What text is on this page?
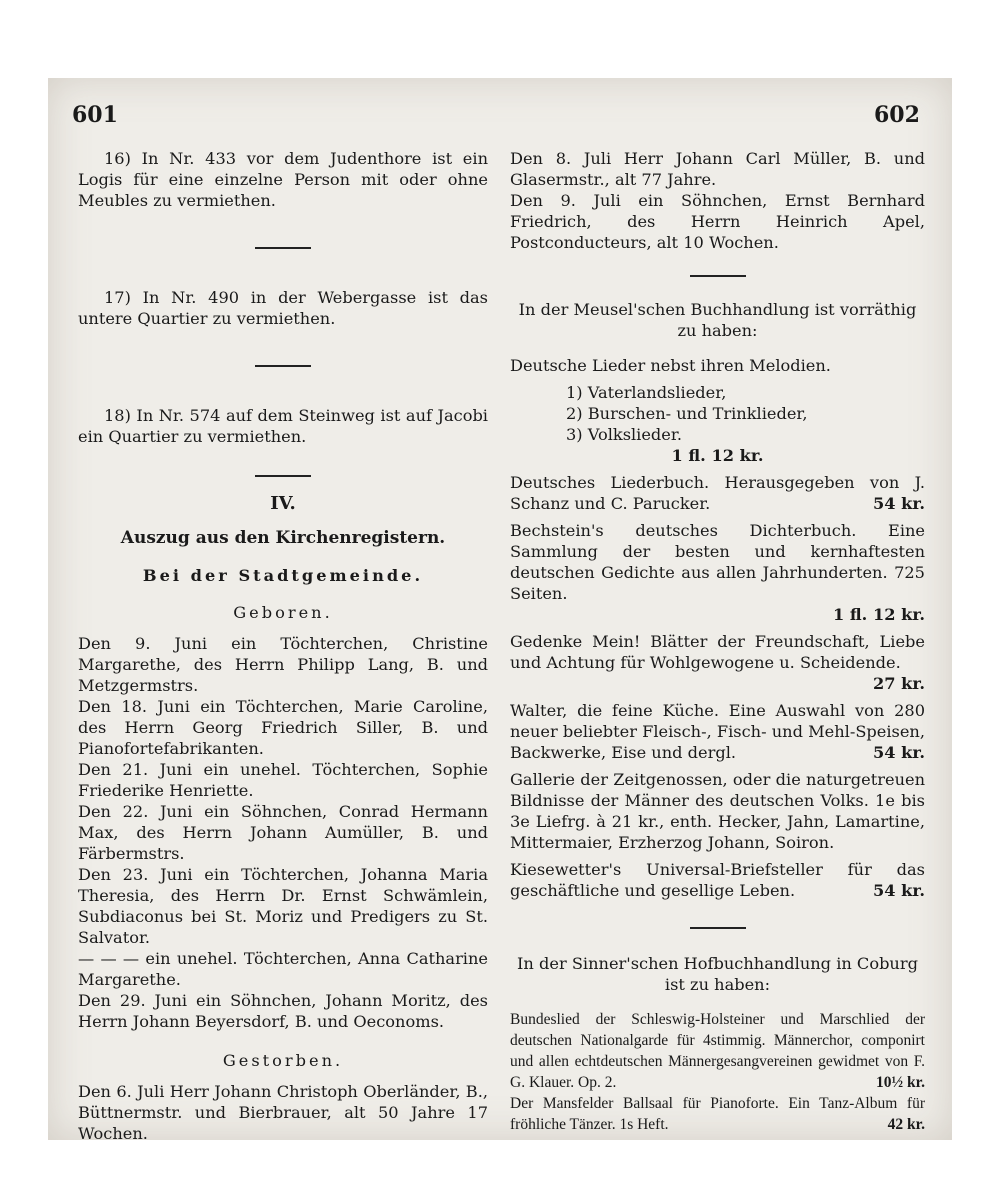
601	602

16) In Nr. 433 vor dem Judenthore ist ein Logis für eine einzelne Person mit oder ohne Meubles zu vermiethen.

17) In Nr. 490 in der Webergasse ist das untere Quartier zu vermiethen.

18) In Nr. 574 auf dem Steinweg ist auf Jacobi ein Quartier zu vermiethen.

IV.

Auszug aus den Kirchenregistern.

Bei der Stadtgemeinde.

Geboren.

Den 9. Juni ein Töchterchen, Christine Margarethe, des Herrn Philipp Lang, B. und Metzgermstrs.

Den 18. Juni ein Töchterchen, Marie Caroline, des Herrn Georg Friedrich Siller, B. und Pianofortefabrikanten.

Den 21. Juni ein unehel. Töchterchen, Sophie Friederike Henriette.

Den 22. Juni ein Söhnchen, Conrad Hermann Max, des Herrn Johann Aumüller, B. und Färbermstrs.

Den 23. Juni ein Töchterchen, Johanna Maria Theresia, des Herrn Dr. Ernst Schwämlein, Subdiaconus bei St. Moriz und Predigers zu St. Salvator.

— — — ein unehel. Töchterchen, Anna Catharine Margarethe.

Den 29. Juni ein Söhnchen, Johann Moritz, des Herrn Johann Beyersdorf, B. und Oeconoms.

Gestorben.

Den 6. Juli Herr Johann Christoph Oberländer, B., Büttnermstr. und Bierbrauer, alt 50 Jahre 17 Wochen.

Den 8. Juli Herr Johann Carl Müller, B. und Glasermstr., alt 77 Jahre.

Den 9. Juli ein Söhnchen, Ernst Bernhard Friedrich, des Herrn Heinrich Apel, Postconducteurs, alt 10 Wochen.

In der Meusel'schen Buchhandlung ist vorräthig

zu haben:

Deutsche Lieder nebst ihren Melodien.

1) Vaterlandslieder,

2) Burschen- und Trinklieder,

3) Volkslieder.

1 fl. 12 kr.

Deutsches Liederbuch. Herausgegeben von J. Schanz und C. Parucker.	54 kr.

Bechstein's deutsches Dichterbuch. Eine Sammlung der besten und kernhaftesten deutschen Gedichte aus allen Jahrhunderten. 725 Seiten.

1 fl. 12 kr.

Gedenke Mein! Blätter der Freundschaft, Liebe und Achtung für Wohlgewogene u. Scheidende.

27 kr.

Walter, die feine Küche. Eine Auswahl von 280 neuer beliebter Fleisch-, Fisch- und Mehl-Speisen, Backwerke, Eise und dergl.	54 kr.

Gallerie der Zeitgenossen, oder die naturgetreuen Bildnisse der Männer des deutschen Volks. 1e bis 3e Liefrg. à 21 kr., enth. Hecker, Jahn, Lamartine, Mittermaier, Erzherzog Johann, Soiron.

Kiesewetter's Universal-Briefsteller für das geschäftliche und gesellige Leben.	54 kr.

In der Sinner'schen Hofbuchhandlung in Coburg

ist zu haben:

Bundeslied der Schleswig-Holsteiner und Marschlied der deutschen Nationalgarde für 4stimmig. Männerchor, componirt und allen echtdeutschen Männergesangvereinen gewidmet von F. G. Klauer. Op. 2.	10½ kr.

Der Mansfelder Ballsaal für Pianoforte. Ein Tanz-Album für fröhliche Tänzer. 1s Heft.	42 kr.
